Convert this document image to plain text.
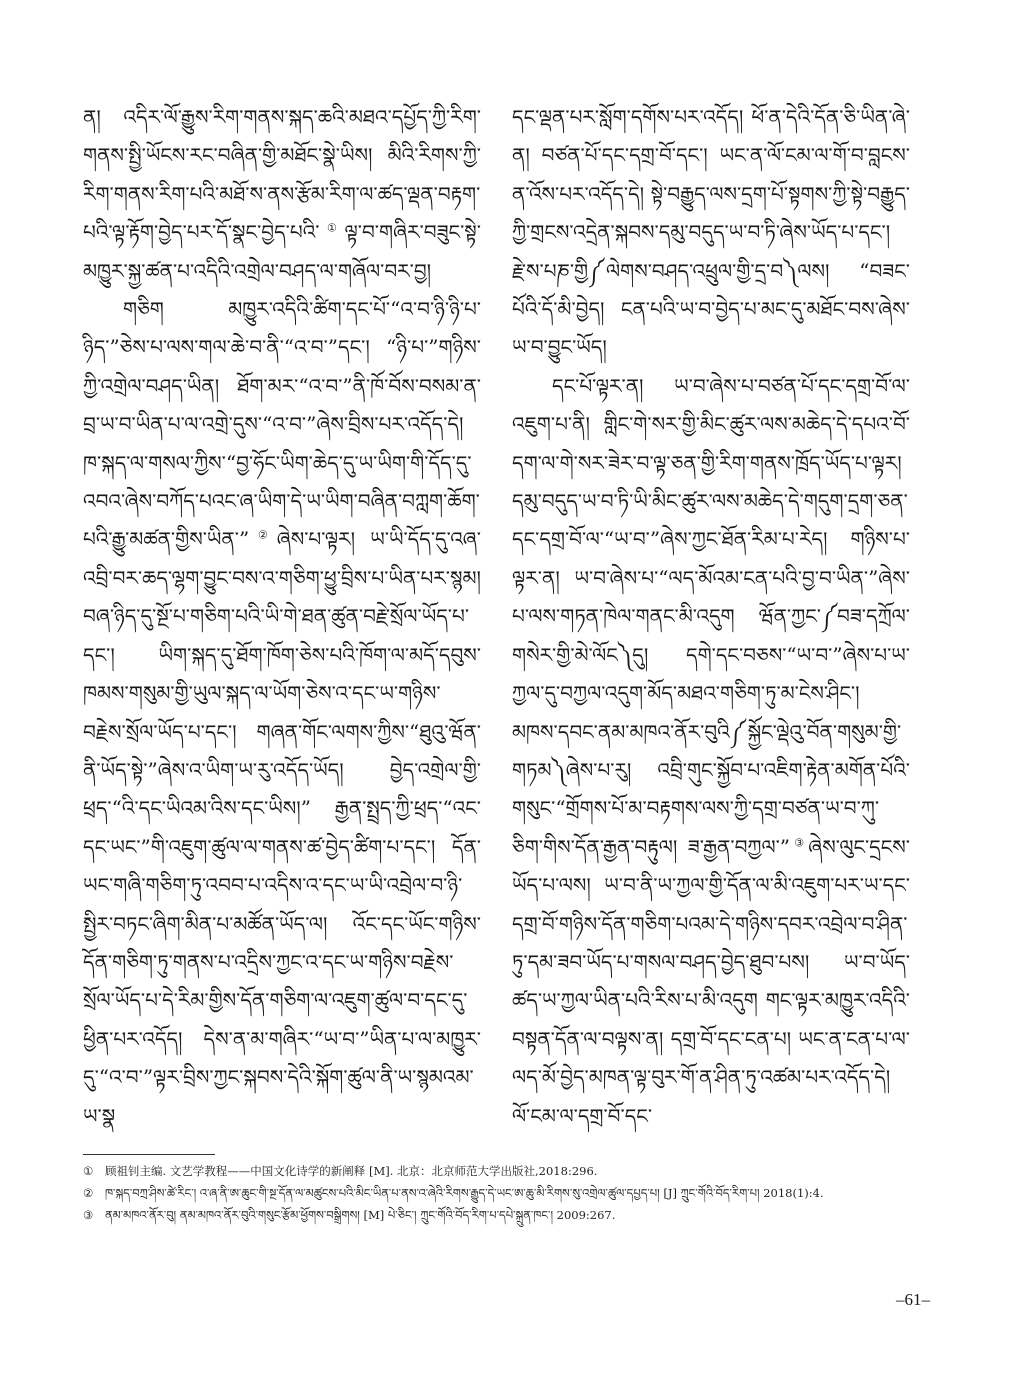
ན། འདིར་ལོ་རྒྱུས་རིག་གནས་སྐད་ཆའི་མཐའ་དཔྱོད་ཀྱི་རིག་གནས་སྤྱི་ཡོངས་རང་བཞིན་གྱི་མཐོང་སྣེ་ཡིས། མིའི་རིགས་ཀྱི་རིག་གནས་རིག་པའི་མཐོ་ས་ནས་རྩོམ་རིག་ལ་ཚད་ལྡན་བརྟག་པའི་ལྟ་རྟོག་བྱེད་པར་དོ་སྣང་བྱེད་པའི་①ལྟ་བ་གཞིར་བཟུང་སྟེ་མཁྱུར་སྐྱ་ཚན་པ་འདིའི་འགྲེལ་བཤད་ལ་གཞོལ་བར་བྱ།

གཅིག མཁྱུར་འདིའི་ཚིག་དང་པོ་“འ་བ་ཉི་ཉི་པ་ཉིད་”ཅེས་པ་ལས་གལ་ཆེ་བ་ནི་“འ་བ་”དང་། “ཉི་པ་”གཉིས་ཀྱི་འགྲེལ་བཤད་ཡིན། ཐོག་མར་“འ་བ་”ནི་ཁོ་བོས་བསམ་ན་བྲ་ཡ་བ་ཡིན་པ་ལ་འགྲེ་དུས་“འ་བ་”ཞེས་བྲིས་པར་འདོད་དེ། ཁ་སྐད་ལ་གསལ་ཀྱིས་“བྱ་ཧོང་ཡིག་ཆེད་དུ་ཡ་ཡིག་གི་དོད་དུ་འབའ་ཞེས་བཀོད་པའང་ཞ་ཡིག་དེ་ཡ་ཡིག་བཞིན་བཀླག་ཆོག་པའི་རྒྱུ་མཚན་གྱིས་ཡིན་”②ཞེས་པ་ལྟར། ཡ་ཡི་དོད་དུ་འཞ་འབྲི་བར་ཆད་ལྷག་བྱུང་བས་འ་གཅིག་ཕྱུ་བྲིས་པ་ཡིན་པར་སྙམ། བཞ་ཉིད་དུ་སྔོ་པ་གཅིག་པའི་ཡི་གེ་ཐན་ཚུན་བརྗེ་སྲོལ་ཡོད་པ་དང་། ཡིག་སྐད་དུ་ཐོག་ཁོག་ཅེས་པའི་ཁོག་ལ་མདོ་དབུས་ཁམས་གསུམ་གྱི་ཡུལ་སྐད་ལ་ཡོག་ཅེས་འ་དང་ཡ་གཉིས་བརྗེས་སྲོལ་ཡོད་པ་དང་། གཞན་གོང་ལགས་ཀྱིས་“ཐུའུ་ཝོན་ནི་ཡོད་སྟེ་”ཞེས་འ་ཡིག་ཡ་རུ་འདོད་ཡོད། བྱེད་འགྲེལ་གྱི་ཕྲད་“འི་དང་ཡིའམ་འིས་དང་ཡིས།” རྒྱན་སྤྲད་ཀྱི་ཕྲད་“འང་དང་ཡང་”གི་འཇུག་ཚུལ་ལ་གནས་ཚ་བྱེད་ཚིག་པ་དང་། དོན་ཡང་གཞི་གཅིག་ཏུ་འབབ་པ་འདིས་འ་དང་ཡ་ཡི་འབྲེལ་བ་ཉི་སྤྱིར་བཏང་ཞིག་མིན་པ་མཚོན་ཡོད་ལ། འོང་དང་ཡོང་གཉིས་དོན་གཅིག་ཏུ་གནས་པ་འདྲིས་ཀྱང་འ་དང་ཡ་གཉིས་བརྗེས་སྲོལ་ཡོད་པ་དེ་རིམ་གྱིས་དོན་གཅིག་ལ་འཇུག་ཚུལ་བ་དང་དུ་ཕྱིན་པར་འདོད། དེས་ན་མ་གཞིར་“ཡ་བ་”ཡིན་པ་ལ་མཁྱུར་དུ་“འ་བ་”ལྟར་བྲིས་ཀྱང་སྐབས་དེའི་སྐོག་ཚུལ་ནི་ཡ་སྙམའམ་ཡ་སྣ

དང་ལྡན་པར་སློག་དགོས་པར་འདོད། ཕོ་ན་དེའི་དོན་ཅི་ཡིན་ཞེ་ན། བཙན་པོ་དང་དགྲ་བོ་དང་། ཡང་ན་ལོ་ངམ་ལ་གོ་བ་བླངས་ན་འོས་པར་འདོད་དེ། སྟེ་བརྒྱུད་ལས་དྲག་པོ་སྟགས་ཀྱི་སྟེ་བརྒྱུད་ཀྱི་གྲངས་འདྲེན་སྐབས་དམུ་བདུད་ཡ་བ་ཏི་ཞེས་ཡོད་པ་དང་། རྗེ་ས་པཎ་གྱི༼ལེགས་བཤད་འཕྲུལ་གྱི་དྲ་བ༽ལས། “བཟང་པོའི་དོ་མི་བྱེད། ངན་པའི་ཡ་བ་བྱེད་པ་མང་དུ་མཐོང་བས་ཞེས་ཡ་བ་བྱུང་ཡོད།

དང་པོ་ལྟར་ན། ཡ་བ་ཞེས་པ་བཙན་པོ་དང་དགྲ་བོ་ལ་འཇུག་པ་ནི། གླིང་གེ་སར་གྱི་མིང་ཚུར་ལས་མཆེད་དེ་དཔའ་བོ་དག་ལ་གེ་སར་ཟེར་བ་ལྟ་ཅན་གྱི་རིག་གནས་ཁྲོད་ཡོད་པ་ལྟར། དམུ་བདུད་ཡ་བ་ཏི་ཡི་མིང་ཚུར་ལས་མཆེད་དེ་གདུག་དྲག་ཅན་དང་དགྲ་བོ་ལ་“ཡ་བ་”ཞེས་ཀྱང་ཐོན་རིམ་པ་རེད། གཉིས་པ་ལྟར་ན། ཡ་བ་ཞེས་པ་“ལད་མོའམ་ངན་པའི་བྱ་བ་ཡིན་”ཞེས་པ་ལས་གཏན་ཁེལ་གནང་མི་འདུག ཝོན་ཀྱང་༼བཟ་དཀྲོལ་གསེར་གྱི་མེ་ལོང༽དུ། དགེ་དང་བཅས་“ཡ་བ་”ཞེས་པ་ཡ་ཀྱལ་དུ་བཀྱལ་འདུག་མོད་མཐའ་གཅིག་ཏུ་མ་ངེས་ཤིང་། མཁས་དབང་ནམ་མཁའ་ནོར་བུའི༼སྐྱོང་ལྡེའུ་བོན་གསུམ་གྱི་གཏམ༽ཞེས་པ་རུ། འབྲི་གུང་སྐྱོབ་པ་འཇིག་རྟེན་མགོན་པོའི་གསུང་“གྲོགས་པོ་མ་བརྟགས་ལས་ཀྱི་དགྲ་བཙན་ཡ་བ་ཀུ་ཅིག་གིས་དོན་རྒྱན་བརྟུལ། ཟ་རྒྱན་བཀྱལ་”③ཞེས་ལུང་དྲངས་ཡོད་པ་ལས། ཡ་བ་ནི་ཡ་ཀྱལ་གྱི་དོན་ལ་མི་འཇུག་པར་ཡ་དང་དགྲ་བོ་གཉིས་དོན་གཅིག་པའམ་དེ་གཉིས་དབར་འབྲེལ་བ་ཤིན་ཏུ་དམ་ཟབ་ཡོད་པ་གསལ་བཤད་བྱེད་ཐུབ་པས། ཡ་བ་ཡོད་ཚད་ཡ་ཀྱལ་ཡིན་པའི་རིས་པ་མི་འདུག གང་ལྟར་མཁྱུར་འདིའི་བསྟན་དོན་ལ་བལྟས་ན། དགྲ་བོ་དང་ངན་པ། ཡང་ན་ངན་པ་ལ་ལད་མོ་བྱེད་མཁན་ལྟ་བུར་གོ་ན་ཤིན་ཏུ་འཚམ་པར་འདོད་དེ། ལོ་ངམ་ལ་དགྲ་བོ་དང་

① 顾祖钊主编. 文艺学教程——中国文化诗学的新阐释 [M]. 北京：北京师范大学出版社,2018:296.

② ཁ་སྐད་བཀྲ་ཤིས་ཚེ་རིང་། འ་ཞ་ནི་ཨ་ཆུང་གི་སྔ་དོན་ལ་མཚུངས་པའི་མིང་ཡིན་པ་ནས་འ་ཞེའི་རིགས་རྒྱུད་དེ་ཡང་ཨ་ཆུ་མི་རིགས་སུ་འགྲེལ་ཚུལ་དཔྱད་པ། [J] ཀྲུང་གོའི་བོད་རིག་པ། 2018(1):4.

③ ནམ་མཁའ་ནོར་བུ། ནམ་མཁའ་ནོར་བུའི་གསུང་རྩོམ་ཕྱོགས་བསྒྲིགས། [M] པེ་ཅིང་། ཀྲུང་གོའི་བོད་རིག་པ་དཔེ་སྐྲུན་ཁང་། 2009:267.

–61–
